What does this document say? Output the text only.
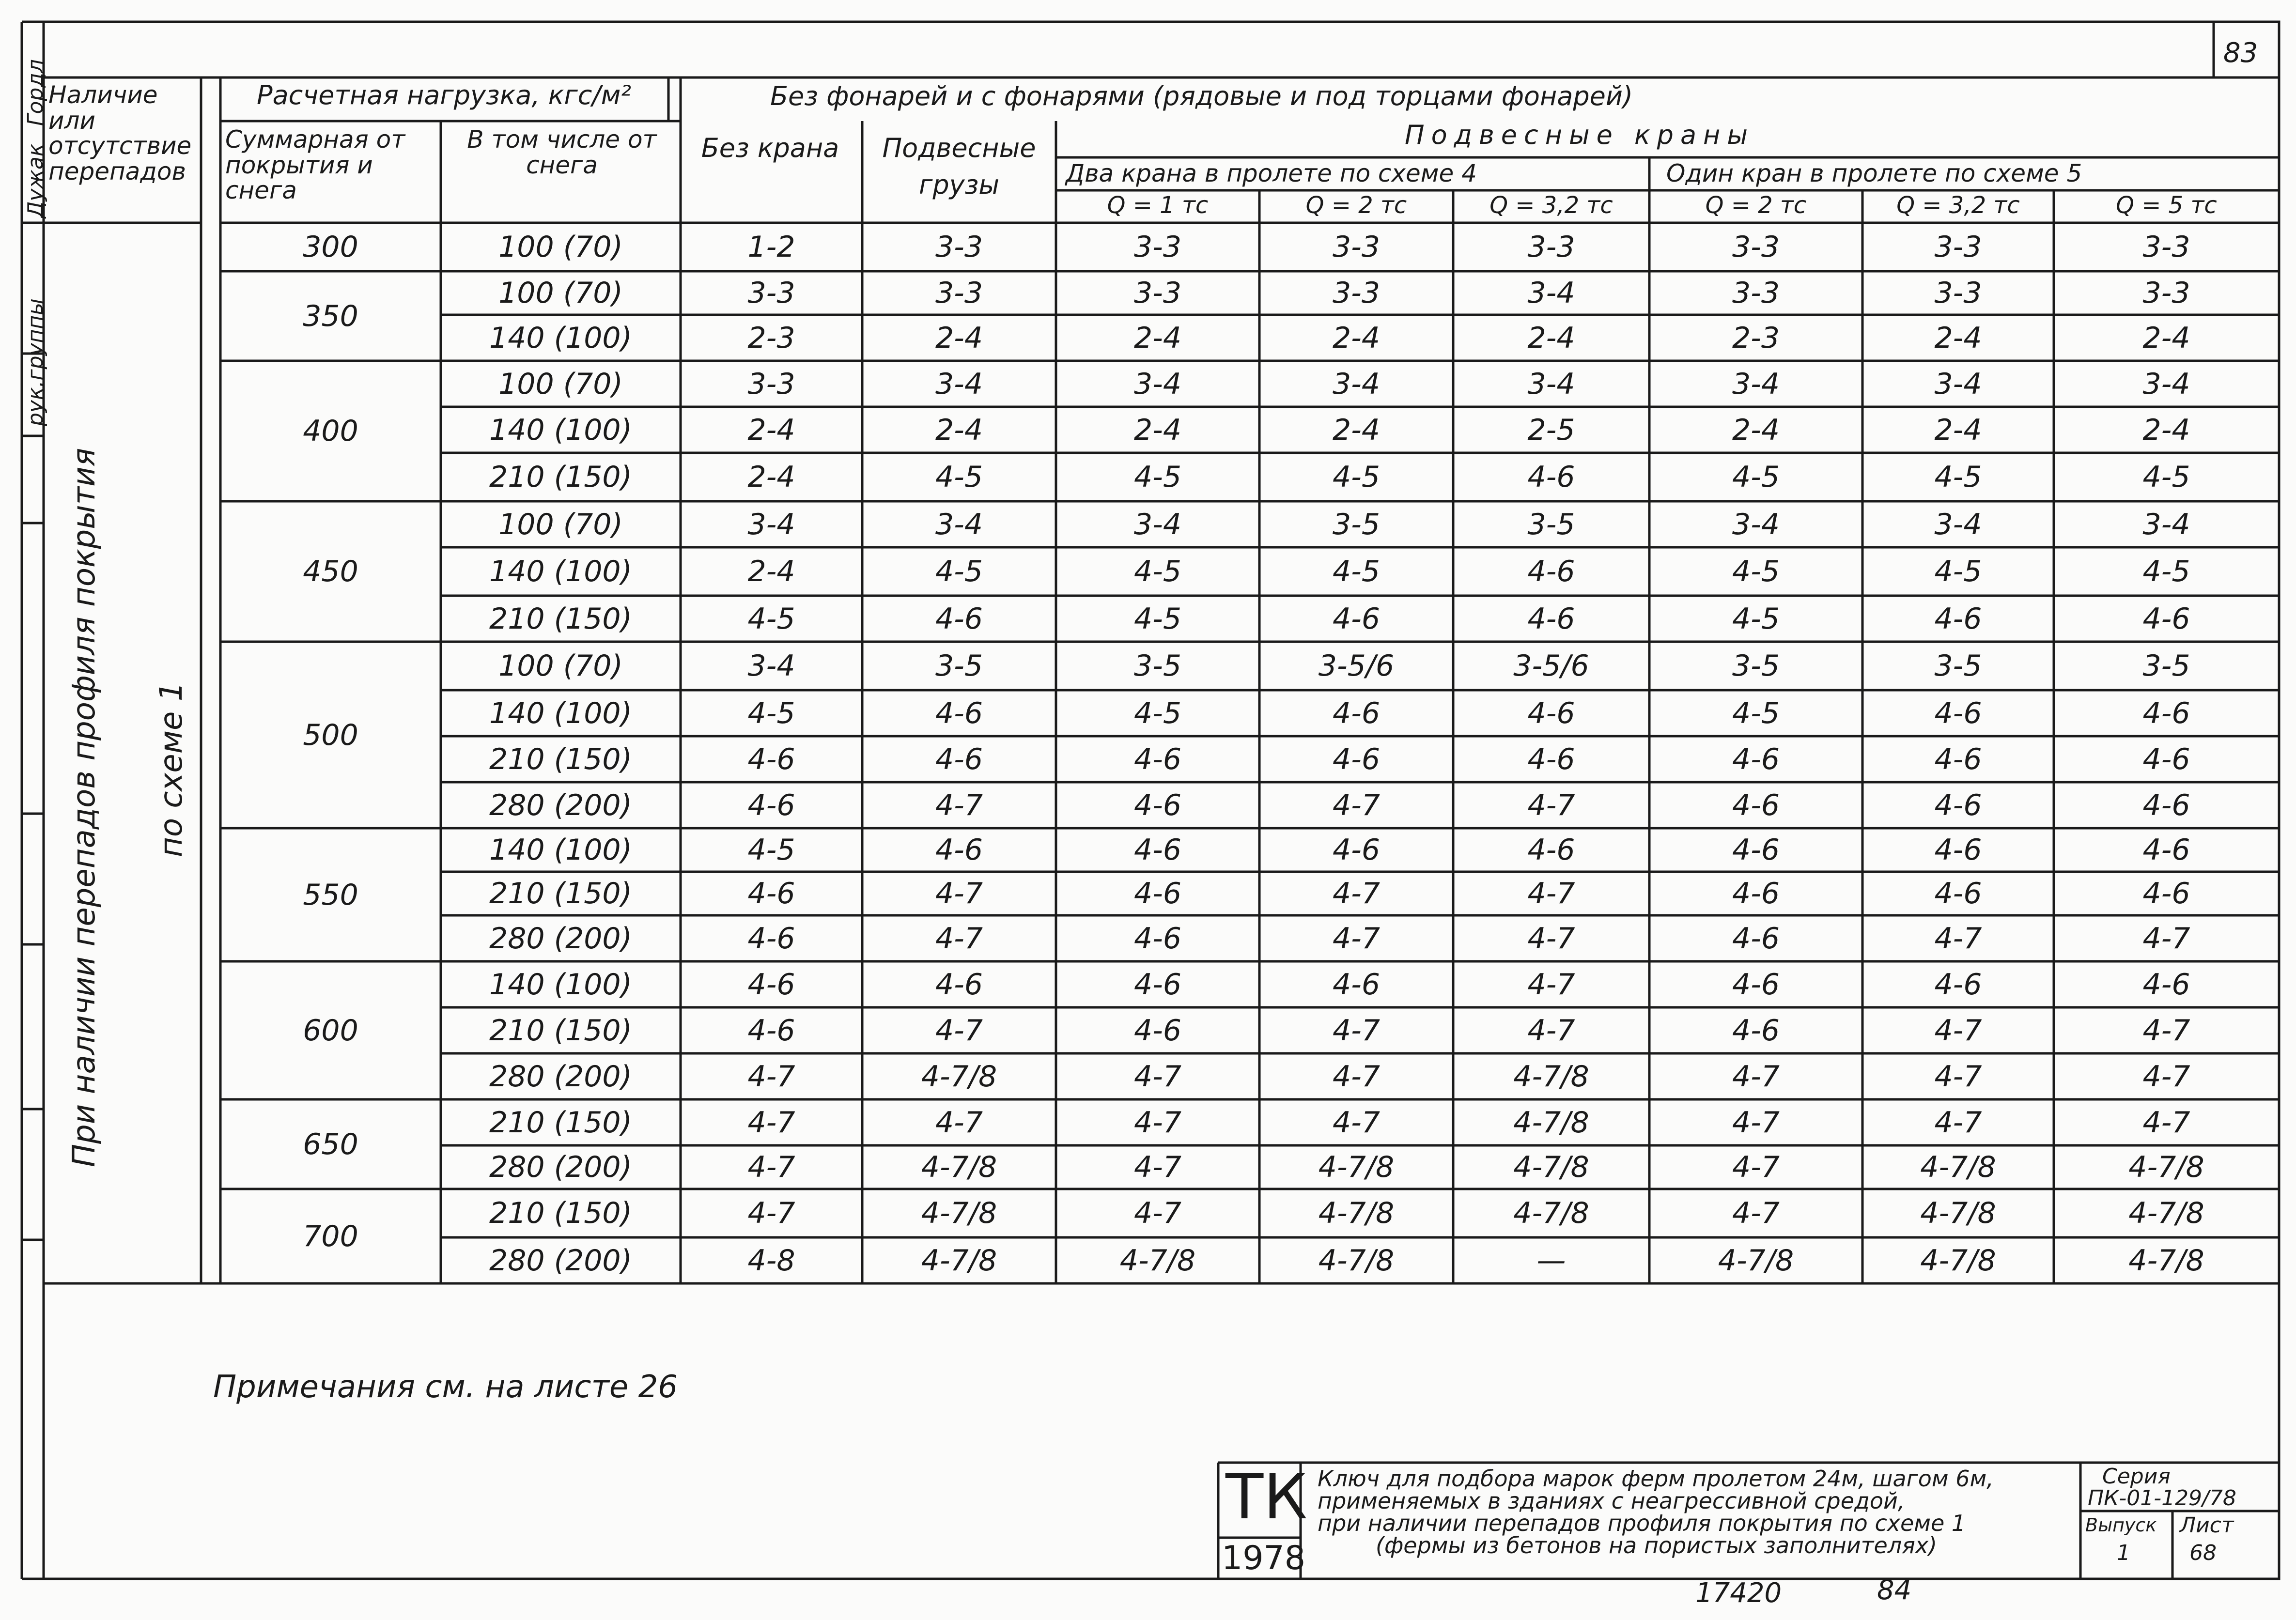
83
Гордл
Дужак
рук.группы
Наличие или отсутствие перепадов
Расчетная нагрузка, кгс/м²
Суммарная от покрытия и снега
В том числе от снега
Без фонарей и с фонарями (рядовые и под торцами фонарей)
Без крана	Подвесные грузы
Подвесные краны
Два крана в пролете по схеме 4	Один кран в пролете по схеме 5
Q = 1 тс	Q = 2 тс	Q = 3,2 тс	Q = 2 тс	Q = 3,2 тс	Q = 5 тс
При наличии перепадов профиля покрытия по схеме 1
300	100 (70)	1-2	3-3	3-3	3-3	3-3	3-3	3-3	3-3
350
100 (70)	3-3	3-3	3-3	3-3	3-4	3-3	3-3	3-3
140 (100)	2-3	2-4	2-4	2-4	2-4	2-3	2-4	2-4
400
100 (70)	3-3	3-4	3-4	3-4	3-4	3-4	3-4	3-4
140 (100)	2-4	2-4	2-4	2-4	2-5	2-4	2-4	2-4
210 (150)	2-4	4-5	4-5	4-5	4-6	4-5	4-5	4-5
450
100 (70)	3-4	3-4	3-4	3-5	3-5	3-4	3-4	3-4
140 (100)	2-4	4-5	4-5	4-5	4-6	4-5	4-5	4-5
210 (150)	4-5	4-6	4-5	4-6	4-6	4-5	4-6	4-6
500
100 (70)	3-4	3-5	3-5	3-5/6	3-5/6	3-5	3-5	3-5
140 (100)	4-5	4-6	4-5	4-6	4-6	4-5	4-6	4-6
210 (150)	4-6	4-6	4-6	4-6	4-6	4-6	4-6	4-6
280 (200)	4-6	4-7	4-6	4-7	4-7	4-6	4-6	4-6
550
140 (100)	4-5	4-6	4-6	4-6	4-6	4-6	4-6	4-6
210 (150)	4-6	4-7	4-6	4-7	4-7	4-6	4-6	4-6
280 (200)	4-6	4-7	4-6	4-7	4-7	4-6	4-7	4-7
600
140 (100)	4-6	4-6	4-6	4-6	4-7	4-6	4-6	4-6
210 (150)	4-6	4-7	4-6	4-7	4-7	4-6	4-7	4-7
280 (200)	4-7	4-7/8	4-7	4-7	4-7/8	4-7	4-7	4-7
650
210 (150)	4-7	4-7	4-7	4-7	4-7/8	4-7	4-7	4-7
280 (200)	4-7	4-7/8	4-7	4-7/8	4-7/8	4-7	4-7/8	4-7/8
700
210 (150)	4-7	4-7/8	4-7	4-7/8	4-7/8	4-7	4-7/8	4-7/8
280 (200)	4-8	4-7/8	4-7/8	4-7/8	—	4-7/8	4-7/8	4-7/8
Примечания см. на листе 26
ТК
1978
Ключ для подбора марок ферм пролетом 24м, шагом 6м,
применяемых в зданиях с неагрессивной средой,
при наличии перепадов профиля покрытия по схеме 1
(фермы из бетонов на пористых заполнителях)
Серия
ПК-01-129/78
Выпуск
1
Лист
68
17420	84
